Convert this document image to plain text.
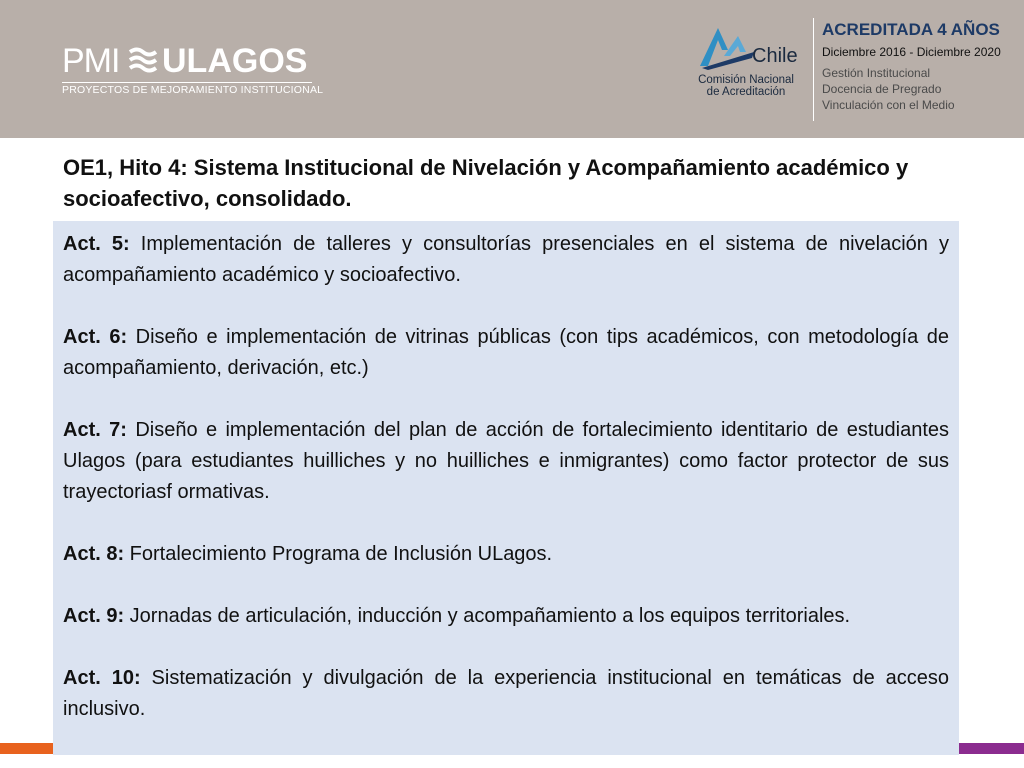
PMI ULAGOS
PROYECTOS DE MEJORAMIENTO INSTITUCIONAL
Chile
Comisión Nacional
de Acreditación
ACREDITADA 4 AÑOS
Diciembre 2016 - Diciembre 2020
Gestión Institucional
Docencia de Pregrado
Vinculación con el Medio
OE1, Hito 4: Sistema Institucional de Nivelación y Acompañamiento académico y socioafectivo, consolidado.

Act. 5: Implementación de talleres y consultorías presenciales en el sistema de nivelación y acompañamiento académico y socioafectivo.

Act. 6: Diseño e implementación de vitrinas públicas (con tips académicos, con metodología de acompañamiento, derivación, etc.)

Act. 7: Diseño e implementación del plan de acción de fortalecimiento identitario de estudiantes Ulagos (para estudiantes huilliches y no huilliches e inmigrantes) como factor protector de sus trayectoriasf ormativas.

Act. 8: Fortalecimiento Programa de Inclusión ULagos.

Act. 9: Jornadas de articulación, inducción y acompañamiento a los equipos territoriales.

Act. 10: Sistematización y divulgación de la experiencia institucional en temáticas de acceso inclusivo.
